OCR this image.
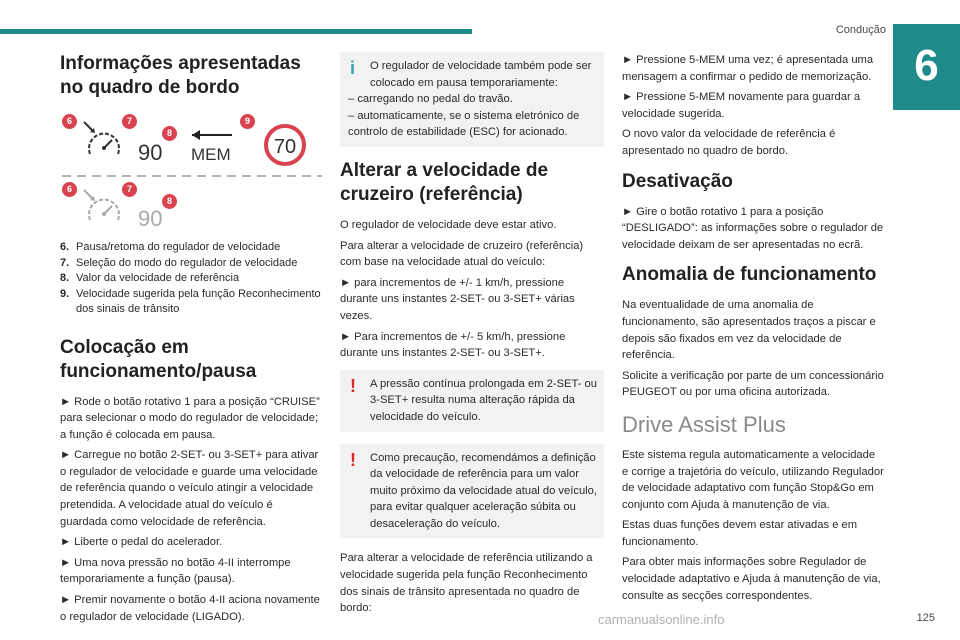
Condução
6
Informações apresentadas no quadro de bordo
90 MEM 70
90
6	7
8
9
6	7
8
6. Pausa/retoma do regulador de velocidade
7. Seleção do modo do regulador de velocidade
8. Valor da velocidade de referência
9. Velocidade sugerida pela função Reconhecimento dos sinais de trânsito
Colocação em funcionamento/pausa

► Rode o botão rotativo 1 para a posição “CRUISE” para selecionar o modo do regulador de velocidade; a função é colocada em pausa.

► Carregue no botão 2-SET- ou 3-SET+ para ativar o regulador de velocidade e guarde uma velocidade de referência quando o veículo atingir a velocidade pretendida. A velocidade atual do veículo é guardada como velocidade de referência.

► Liberte o pedal do acelerador.

► Uma nova pressão no botão 4-II interrompe temporariamente a função (pausa).

► Premir novamente o botão 4-II aciona novamente o regulador de velocidade (LIGADO).

i	O regulador de velocidade também pode ser colocado em pausa temporariamente:

– carregando no pedal do travão.

– automaticamente, se o sistema eletrónico de controlo de estabilidade (ESC) for acionado.

Alterar a velocidade de cruzeiro (referência)

O regulador de velocidade deve estar ativo.

Para alterar a velocidade de cruzeiro (referência) com base na velocidade atual do veículo:

► para incrementos de +/- 1 km/h, pressione durante uns instantes 2-SET- ou 3-SET+ várias vezes.

► Para incrementos de +/- 5 km/h, pressione durante uns instantes 2-SET- ou 3-SET+.

!	A pressão contínua prolongada em 2-SET- ou 3-SET+ resulta numa alteração rápida da velocidade do veículo.

!	Como precaução, recomendámos a definição da velocidade de referência para um valor muito próximo da velocidade atual do veículo, para evitar qualquer aceleração súbita ou desaceleração do veículo.

Para alterar a velocidade de referência utilizando a velocidade sugerida pela função Reconhecimento dos sinais de trânsito apresentada no quadro de bordo:

► Pressione 5-MEM uma vez; é apresentada uma mensagem a confirmar o pedido de memorização.

► Pressione 5-MEM novamente para guardar a velocidade sugerida.

O novo valor da velocidade de referência é apresentado no quadro de bordo.

Desativação

► Gire o botão rotativo 1 para a posição “DESLIGADO”: as informações sobre o regulador de velocidade deixam de ser apresentadas no ecrã.

Anomalia de funcionamento

Na eventualidade de uma anomalia de funcionamento, são apresentados traços a piscar e depois são fixados em vez da velocidade de referência.

Solicite a verificação por parte de um concessionário PEUGEOT ou por uma oficina autorizada.

Drive Assist Plus

Este sistema regula automaticamente a velocidade e corrige a trajetória do veículo, utilizando Regulador de velocidade adaptativo com função Stop&Go em conjunto com Ajuda à manutenção de via.

Estas duas funções devem estar ativadas e em funcionamento.

Para obter mais informações sobre Regulador de velocidade adaptativo e Ajuda à manutenção de via, consulte as secções correspondentes.

carmanualsonline.info	125
